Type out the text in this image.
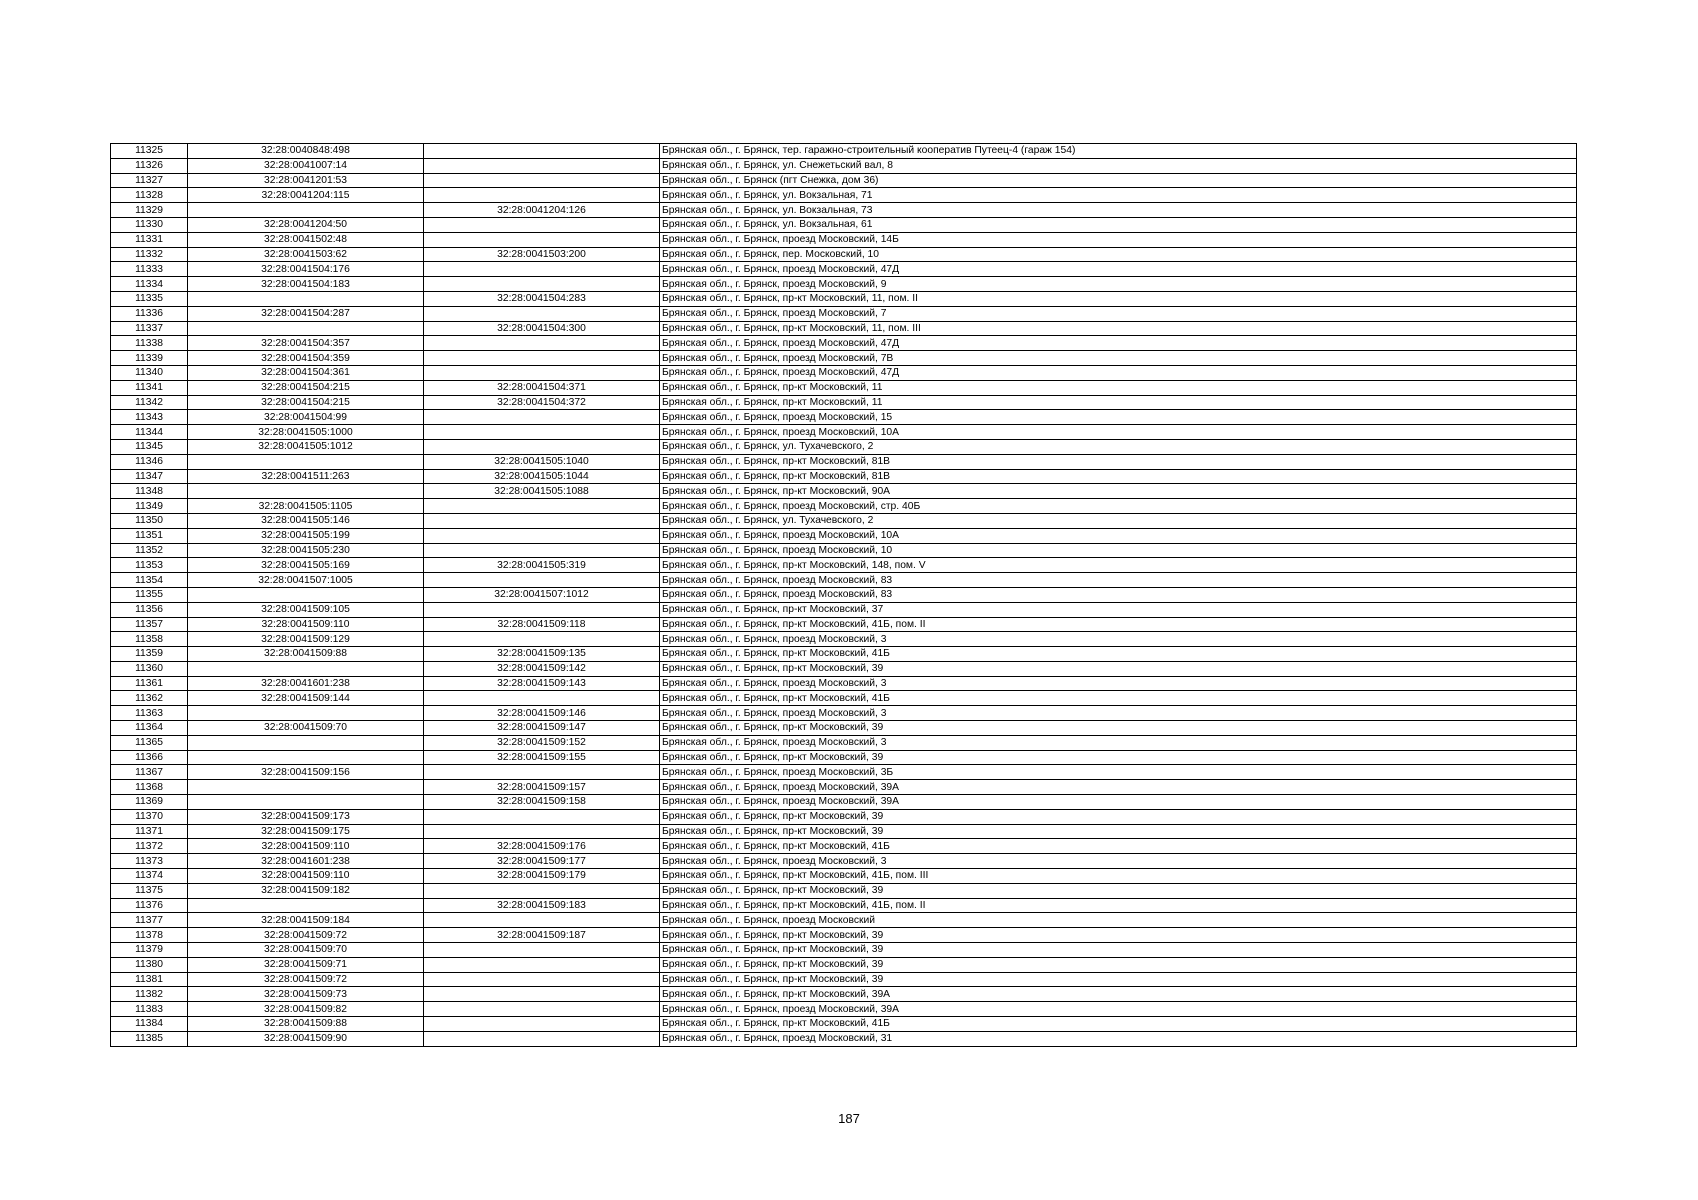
11325	32:28:0040848:498		Брянская обл., г. Брянск, тер. гаражно-строительный кооператив Путеец-4 (гараж 154)
11326	32:28:0041007:14		Брянская обл., г. Брянск, ул. Снежетьский вал, 8
11327	32:28:0041201:53		Брянская обл., г. Брянск (пгт Снежка, дом 36)
11328	32:28:0041204:115		Брянская обл., г. Брянск, ул. Вокзальная, 71
11329		32:28:0041204:126	Брянская обл., г. Брянск, ул. Вокзальная, 73
11330	32:28:0041204:50		Брянская обл., г. Брянск, ул. Вокзальная, 61
11331	32:28:0041502:48		Брянская обл., г. Брянск, проезд Московский, 14Б
11332	32:28:0041503:62	32:28:0041503:200	Брянская обл., г. Брянск, пер. Московский, 10
11333	32:28:0041504:176		Брянская обл., г. Брянск, проезд Московский, 47Д
11334	32:28:0041504:183		Брянская обл., г. Брянск, проезд Московский, 9
11335		32:28:0041504:283	Брянская обл., г. Брянск, пр-кт Московский, 11, пом. II
11336	32:28:0041504:287		Брянская обл., г. Брянск, проезд Московский, 7
11337		32:28:0041504:300	Брянская обл., г. Брянск, пр-кт Московский, 11, пом. III
11338	32:28:0041504:357		Брянская обл., г. Брянск, проезд Московский, 47Д
11339	32:28:0041504:359		Брянская обл., г. Брянск, проезд Московский, 7В
11340	32:28:0041504:361		Брянская обл., г. Брянск, проезд Московский, 47Д
11341	32:28:0041504:215	32:28:0041504:371	Брянская обл., г. Брянск, пр-кт Московский, 11
11342	32:28:0041504:215	32:28:0041504:372	Брянская обл., г. Брянск, пр-кт Московский, 11
11343	32:28:0041504:99		Брянская обл., г. Брянск, проезд Московский, 15
11344	32:28:0041505:1000		Брянская обл., г. Брянск, проезд Московский, 10А
11345	32:28:0041505:1012		Брянская обл., г. Брянск, ул. Тухачевского, 2
11346		32:28:0041505:1040	Брянская обл., г. Брянск, пр-кт Московский, 81В
11347	32:28:0041511:263	32:28:0041505:1044	Брянская обл., г. Брянск, пр-кт Московский, 81В
11348		32:28:0041505:1088	Брянская обл., г. Брянск, пр-кт Московский, 90А
11349	32:28:0041505:1105		Брянская обл., г. Брянск, проезд Московский, стр. 40Б
11350	32:28:0041505:146		Брянская обл., г. Брянск, ул. Тухачевского, 2
11351	32:28:0041505:199		Брянская обл., г. Брянск, проезд Московский, 10А
11352	32:28:0041505:230		Брянская обл., г. Брянск, проезд Московский, 10
11353	32:28:0041505:169	32:28:0041505:319	Брянская обл., г. Брянск, пр-кт Московский, 148, пом. V
11354	32:28:0041507:1005		Брянская обл., г. Брянск, проезд Московский, 83
11355		32:28:0041507:1012	Брянская обл., г. Брянск, проезд Московский, 83
11356	32:28:0041509:105		Брянская обл., г. Брянск, пр-кт Московский, 37
11357	32:28:0041509:110	32:28:0041509:118	Брянская обл., г. Брянск, пр-кт Московский, 41Б, пом. II
11358	32:28:0041509:129		Брянская обл., г. Брянск, проезд Московский, 3
11359	32:28:0041509:88	32:28:0041509:135	Брянская обл., г. Брянск, пр-кт Московский, 41Б
11360		32:28:0041509:142	Брянская обл., г. Брянск, пр-кт Московский, 39
11361	32:28:0041601:238	32:28:0041509:143	Брянская обл., г. Брянск, проезд Московский, 3
11362	32:28:0041509:144		Брянская обл., г. Брянск, пр-кт Московский, 41Б
11363		32:28:0041509:146	Брянская обл., г. Брянск, проезд Московский, 3
11364	32:28:0041509:70	32:28:0041509:147	Брянская обл., г. Брянск, пр-кт Московский, 39
11365		32:28:0041509:152	Брянская обл., г. Брянск, проезд Московский, 3
11366		32:28:0041509:155	Брянская обл., г. Брянск, пр-кт Московский, 39
11367	32:28:0041509:156		Брянская обл., г. Брянск, проезд Московский, 3Б
11368		32:28:0041509:157	Брянская обл., г. Брянск, проезд Московский, 39А
11369		32:28:0041509:158	Брянская обл., г. Брянск, проезд Московский, 39А
11370	32:28:0041509:173		Брянская обл., г. Брянск, пр-кт Московский, 39
11371	32:28:0041509:175		Брянская обл., г. Брянск, пр-кт Московский, 39
11372	32:28:0041509:110	32:28:0041509:176	Брянская обл., г. Брянск, пр-кт Московский, 41Б
11373	32:28:0041601:238	32:28:0041509:177	Брянская обл., г. Брянск, проезд Московский, 3
11374	32:28:0041509:110	32:28:0041509:179	Брянская обл., г. Брянск, пр-кт Московский, 41Б, пом. III
11375	32:28:0041509:182		Брянская обл., г. Брянск, пр-кт Московский, 39
11376		32:28:0041509:183	Брянская обл., г. Брянск, пр-кт Московский, 41Б, пом. II
11377	32:28:0041509:184		Брянская обл., г. Брянск, проезд Московский
11378	32:28:0041509:72	32:28:0041509:187	Брянская обл., г. Брянск, пр-кт Московский, 39
11379	32:28:0041509:70		Брянская обл., г. Брянск, пр-кт Московский, 39
11380	32:28:0041509:71		Брянская обл., г. Брянск, пр-кт Московский, 39
11381	32:28:0041509:72		Брянская обл., г. Брянск, пр-кт Московский, 39
11382	32:28:0041509:73		Брянская обл., г. Брянск, пр-кт Московский, 39А
11383	32:28:0041509:82		Брянская обл., г. Брянск, проезд Московский, 39А
11384	32:28:0041509:88		Брянская обл., г. Брянск, пр-кт Московский, 41Б
11385	32:28:0041509:90		Брянская обл., г. Брянск, проезд Московский, 31
187
